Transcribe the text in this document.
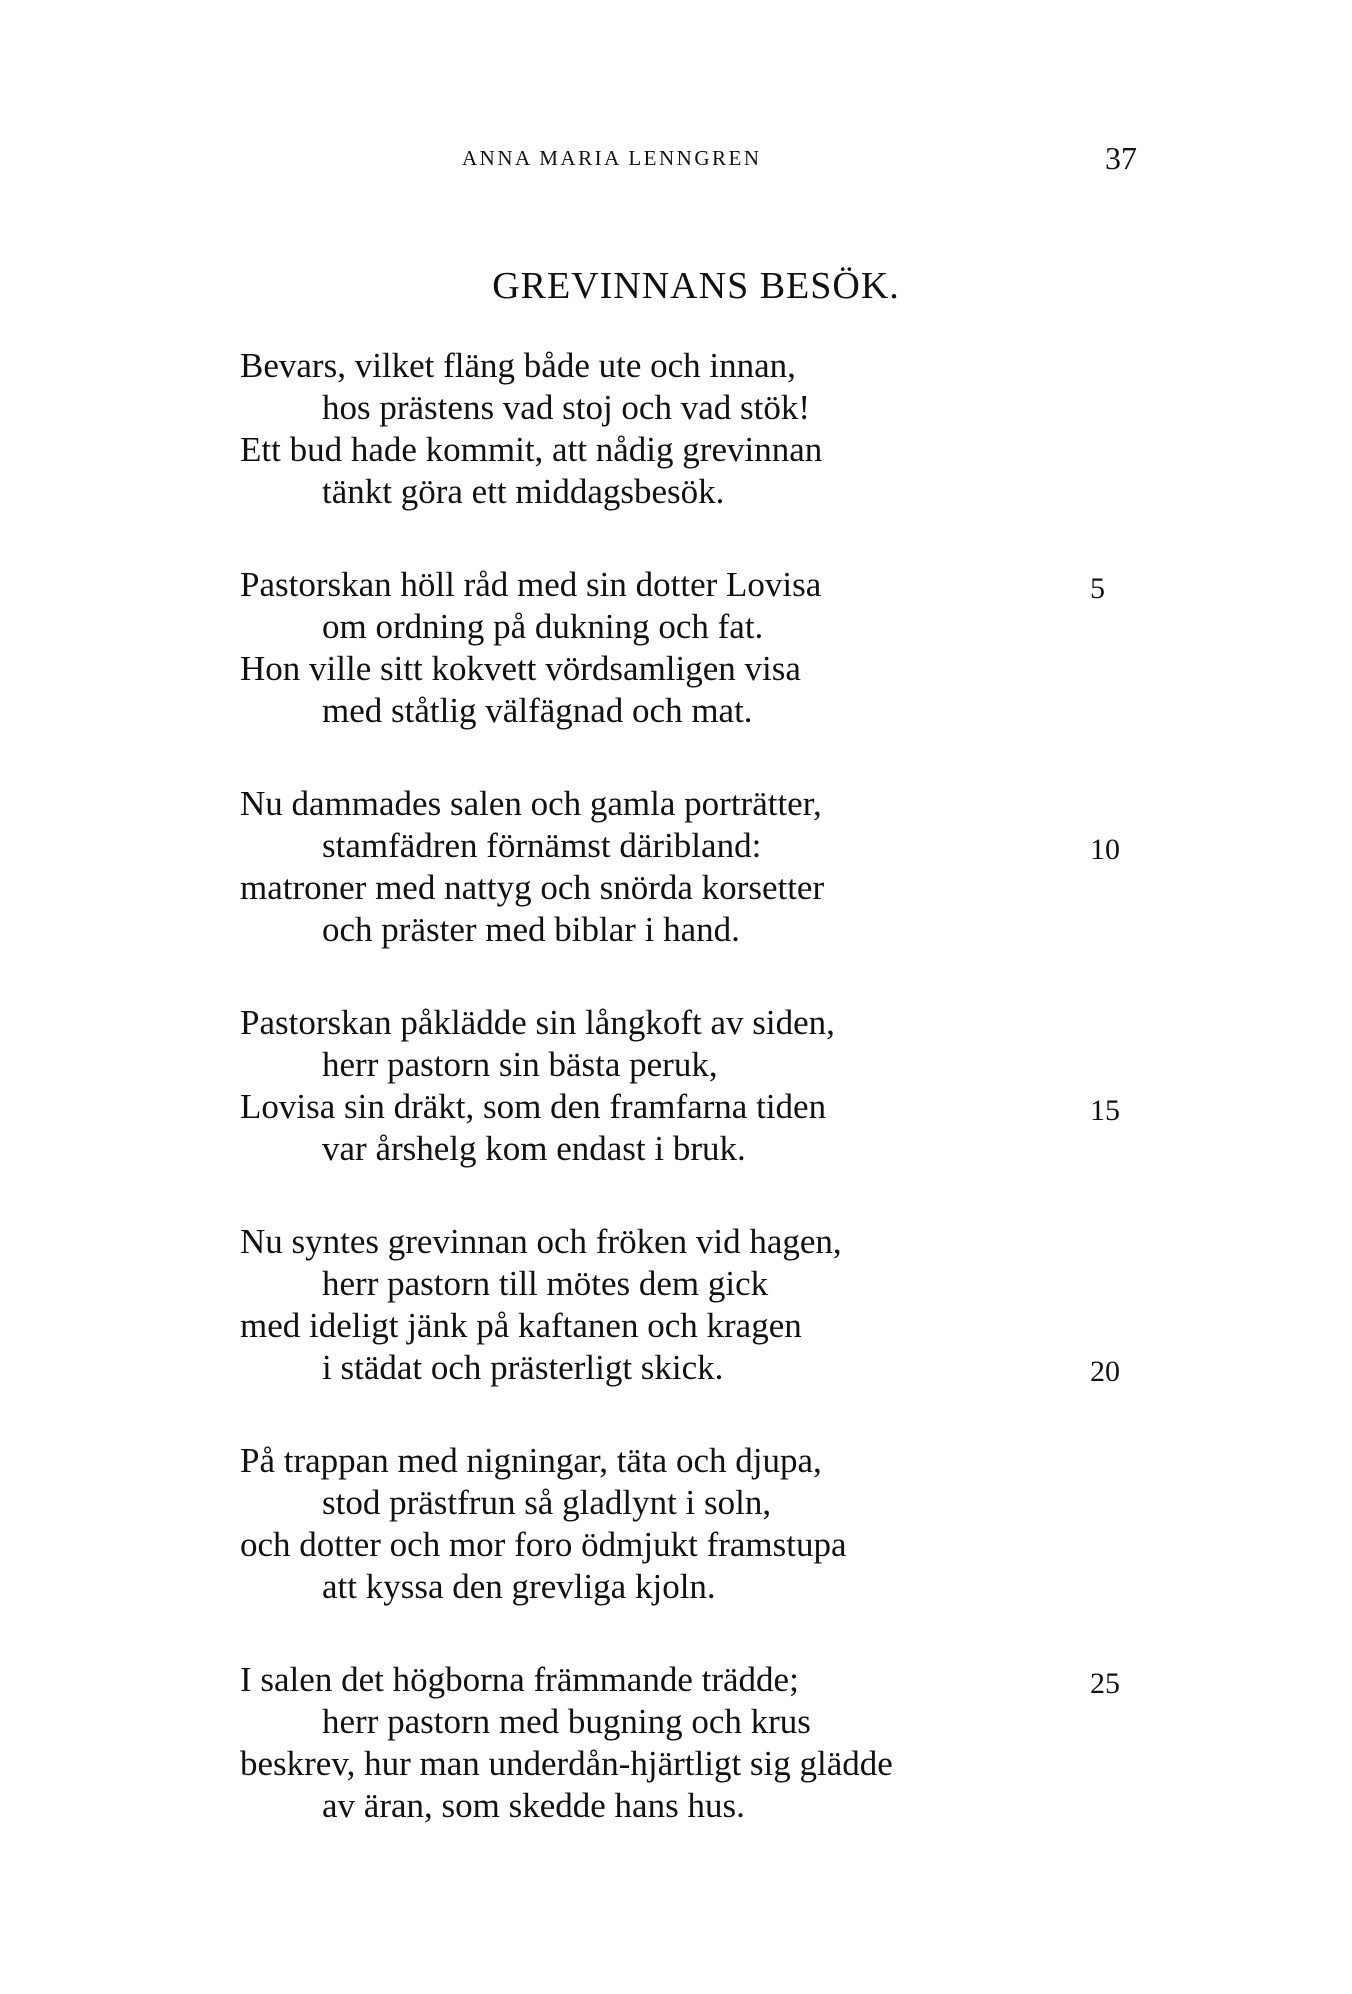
ANNA MARIA LENNGREN	37
GREVINNANS BESÖK.
Bevars, vilket fläng både ute och innan,
hos prästens vad stoj och vad stök!
Ett bud hade kommit, att nådig grevinnan
tänkt göra ett middagsbesök.
Pastorskan höll råd med sin dotter Lovisa	5
om ordning på dukning och fat.
Hon ville sitt kokvett vördsamligen visa
med ståtlig välfägnad och mat.
Nu dammades salen och gamla porträtter,
stamfädren förnämst däribland:	10
matroner med nattyg och snörda korsetter
och präster med biblar i hand.
Pastorskan påklädde sin långkoft av siden,
herr pastorn sin bästa peruk,
Lovisa sin dräkt, som den framfarna tiden	15
var årshelg kom endast i bruk.
Nu syntes grevinnan och fröken vid hagen,
herr pastorn till mötes dem gick
med ideligt jänk på kaftanen och kragen
i städat och prästerligt skick.	20
På trappan med nigningar, täta och djupa,
stod prästfrun så gladlynt i soln,
och dotter och mor foro ödmjukt framstupa
att kyssa den grevliga kjoln.
I salen det högborna främmande trädde;	25
herr pastorn med bugning och krus
beskrev, hur man underdån-hjärtligt sig glädde
av äran, som skedde hans hus.
